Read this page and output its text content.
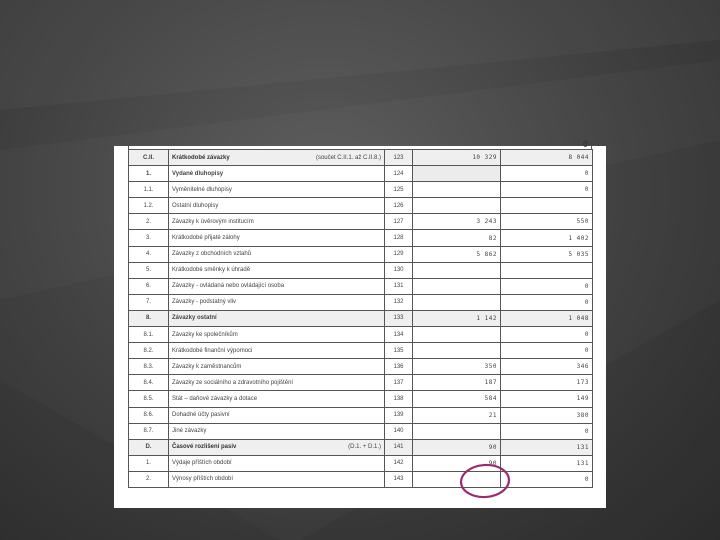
0
C.II.	Krátkodobé závazky (součet C.II.1. až C.II.8.)	123	10 329	8 044
1.	Vydané dluhopisy	124		0
1.1.	Vyměnitelné dluhopisy	125		0
1.2.	Ostatní dluhopisy	126		
2.	Závazky k úvěrovým institucím	127	3 243	550
3.	Krátkodobé přijaté zálohy	128	82	1 402
4.	Závazky z obchodních vztahů	129	5 862	5 035
5.	Krátkodobé směnky k úhradě	130		
6.	Závazky - ovládaná nebo ovládající osoba	131		0
7.	Závazky - podstatný vliv	132		0
8.	Závazky ostatní	133	1 142	1 048
8.1.	Závazky ke společníkům	134		0
8.2.	Krátkodobé finanční výpomoci	135		0
8.3.	Závazky k zaměstnancům	136	350	346
8.4.	Závazky ze sociálního a zdravotního pojištění	137	187	173
8.5.	Stát – daňové závazky a dotace	138	584	149
8.6.	Dohadné účty pasivní	139	21	380
8.7.	Jiné závazky	140		0
D.	Časové rozlišení pasiv (D.1. + D.1.)	141	90	131
1.	Výdaje příštích období	142	90	131
2.	Výnosy příštích období	143		0
